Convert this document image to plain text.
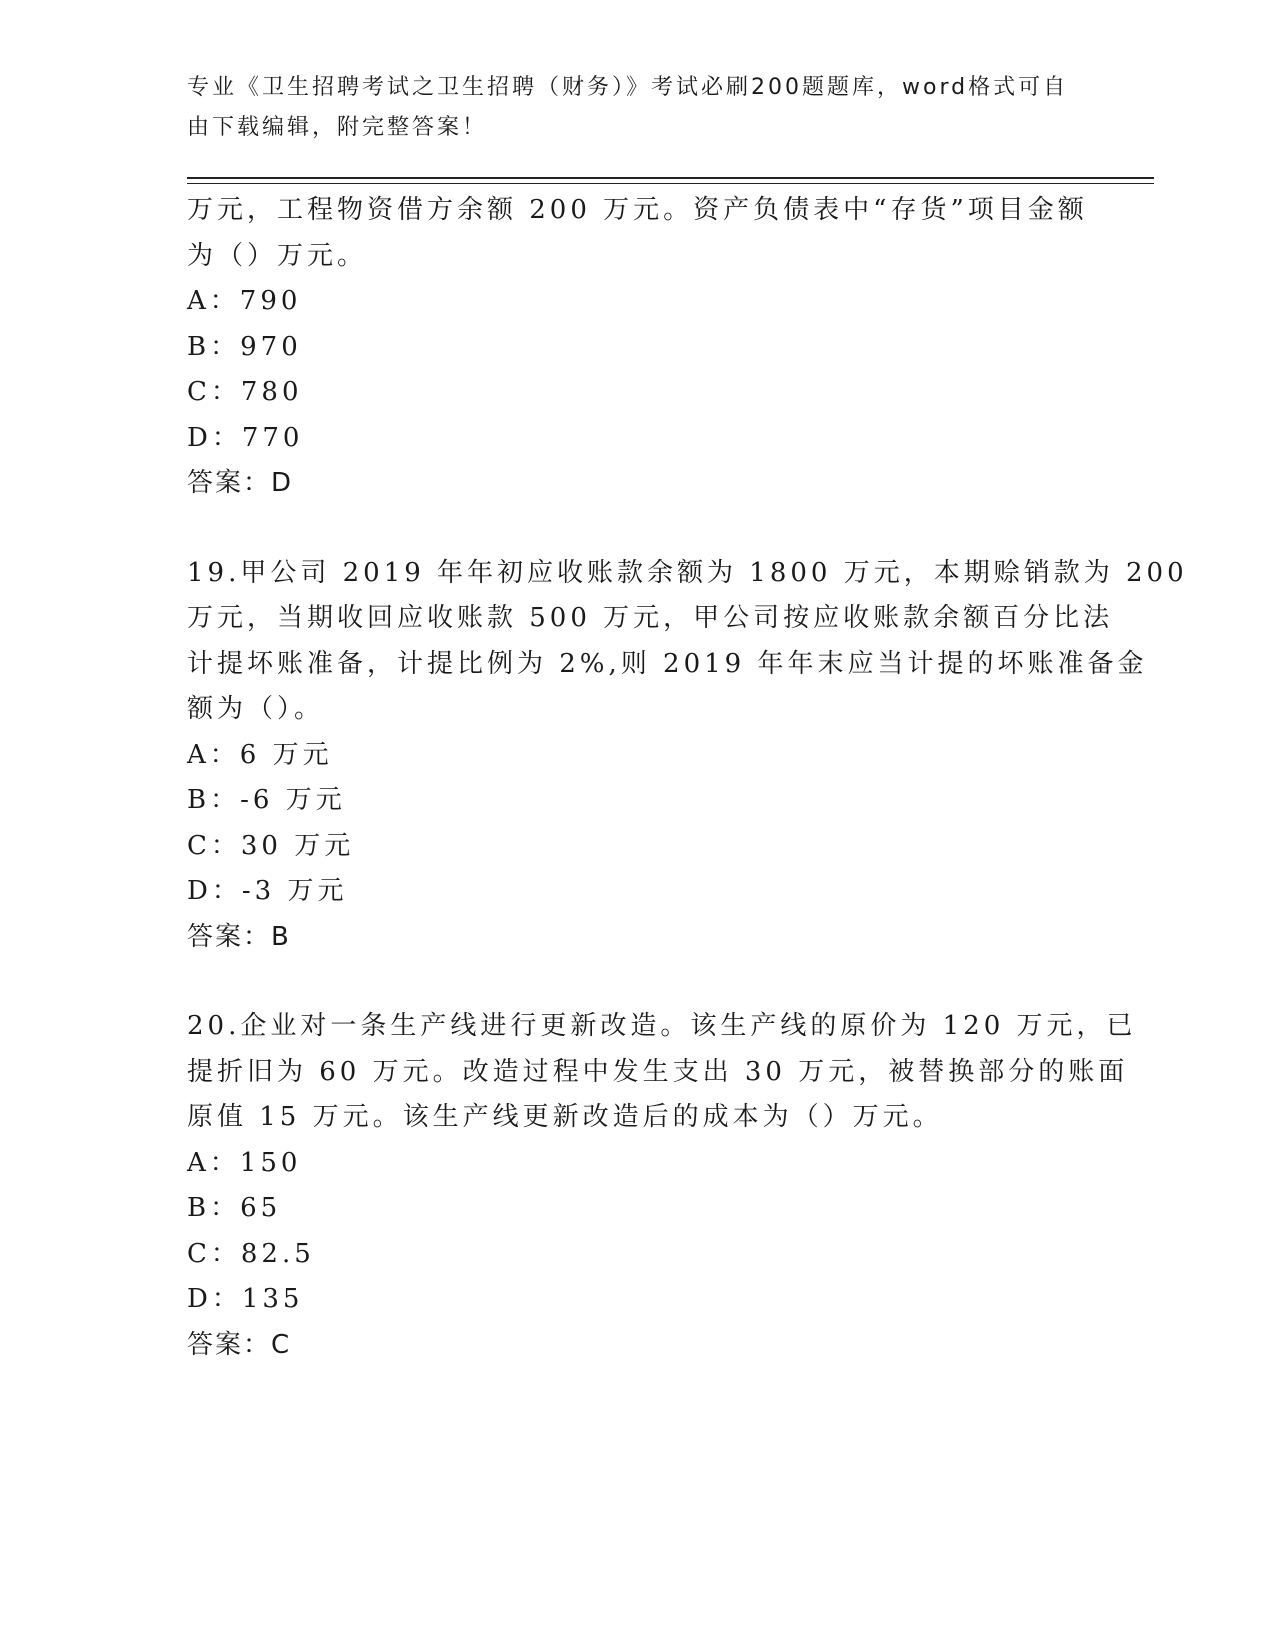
专业《卫生招聘考试之卫生招聘（财务）》考试必刷200题题库，word格式可自
由下载编辑，附完整答案！
万元，工程物资借方余额 200 万元。资产负债表中“存货”项目金额
为（）万元。
A：790
B：970
C：780
D：770
答案：D
19.甲公司 2019 年年初应收账款余额为 1800 万元，本期赊销款为 200
万元，当期收回应收账款 500 万元，甲公司按应收账款余额百分比法
计提坏账准备，计提比例为 2%,则 2019 年年末应当计提的坏账准备金
额为（）。
A：6 万元
B：-6 万元
C：30 万元
D：-3 万元
答案：B
20.企业对一条生产线进行更新改造。该生产线的原价为 120 万元，已
提折旧为 60 万元。改造过程中发生支出 30 万元，被替换部分的账面
原值 15 万元。该生产线更新改造后的成本为（）万元。
A：150
B：65
C：82.5
D：135
答案：C
